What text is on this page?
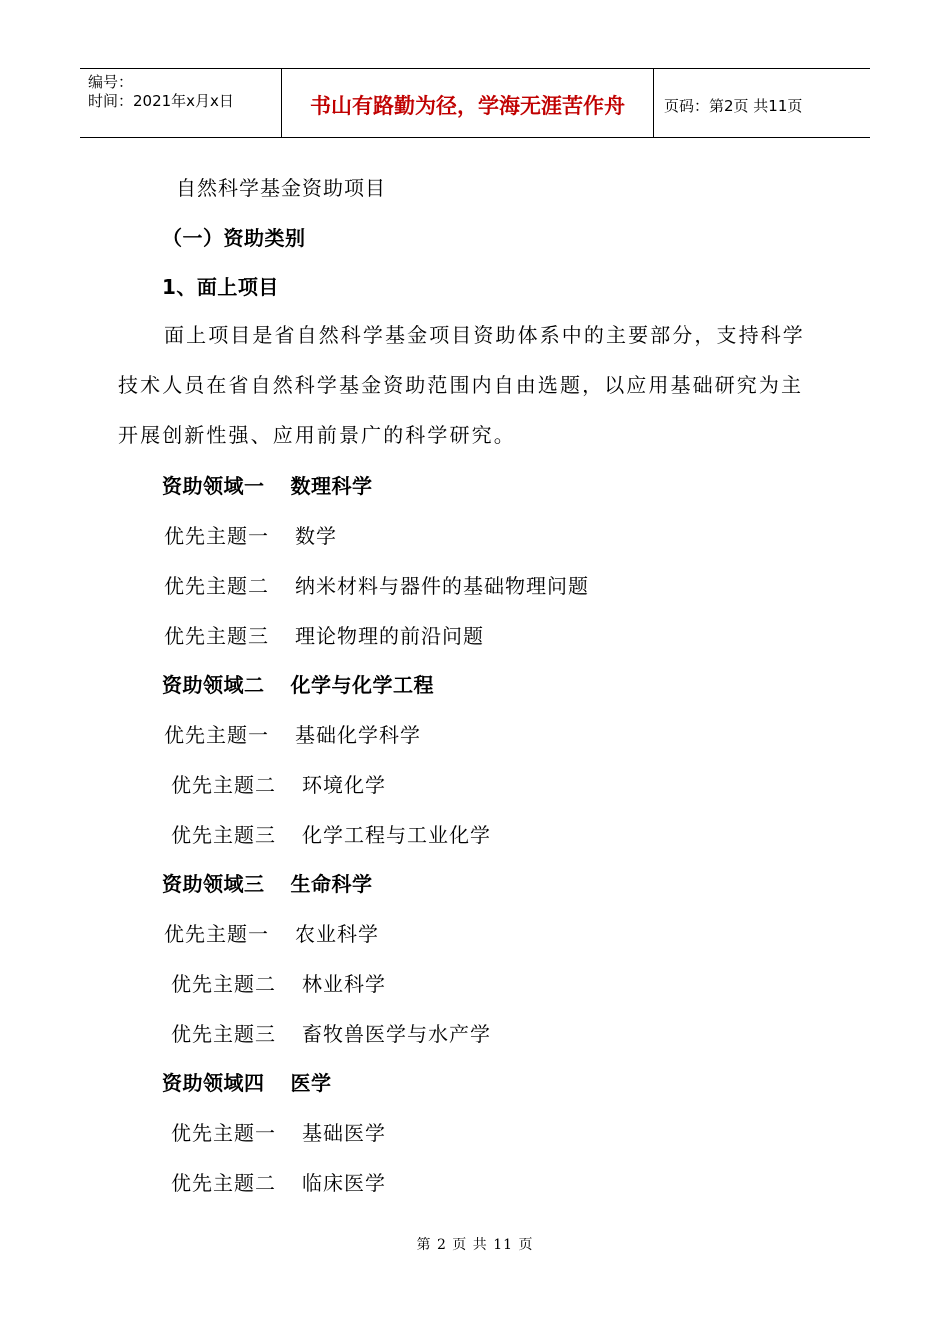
编号：
时间：2021年x月x日	书山有路勤为径，学海无涯苦作舟	页码：第2页 共11页
自然科学基金资助项目
（一）资助类别
1、面上项目
面上项目是省自然科学基金项目资助体系中的主要部分，支持科学
技术人员在省自然科学基金资助范围内自由选题，以应用基础研究为主
开展创新性强、应用前景广的科学研究。
资助领域一 数理科学
优先主题一 数学
优先主题二 纳米材料与器件的基础物理问题
优先主题三 理论物理的前沿问题
资助领域二 化学与化学工程
优先主题一 基础化学科学
优先主题二 环境化学
优先主题三 化学工程与工业化学
资助领域三 生命科学
优先主题一 农业科学
优先主题二 林业科学
优先主题三 畜牧兽医学与水产学
资助领域四 医学
优先主题一 基础医学
优先主题二 临床医学
第 2 页 共 11 页
